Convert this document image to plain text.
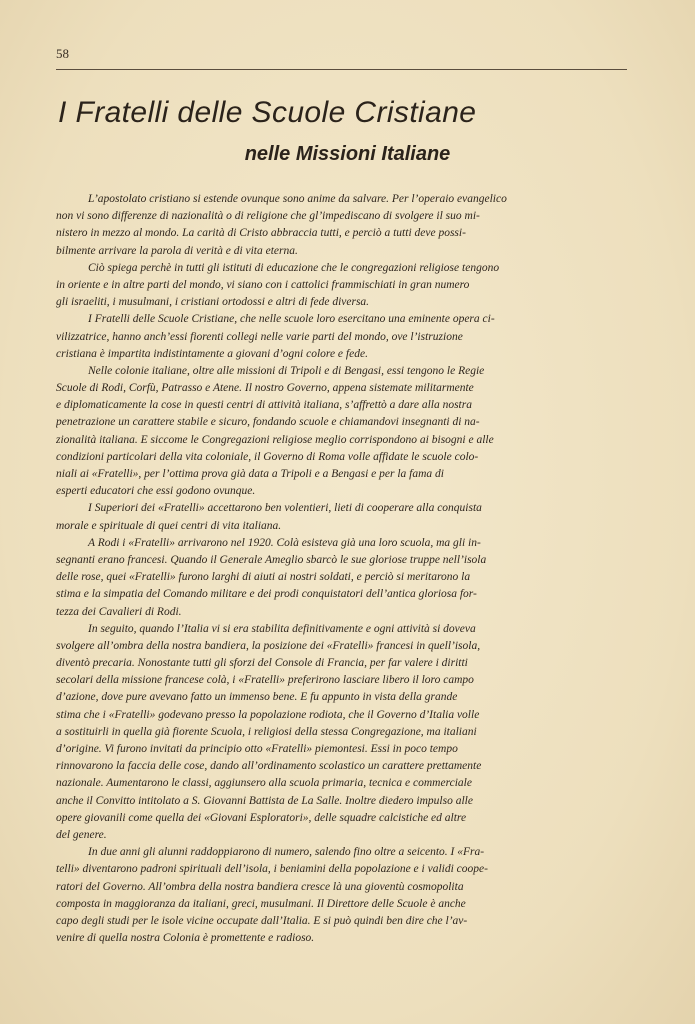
58
I Fratelli delle Scuole Cristiane
nelle Missioni Italiane
L’apostolato cristiano si estende ovunque sono anime da salvare. Per l’operaio evangelico
non vi sono differenze di nazionalità o di religione che gl’impediscano di svolgere il suo mi-
nistero in mezzo al mondo. La carità di Cristo abbraccia tutti, e perciò a tutti deve possi-
bilmente arrivare la parola di verità e di vita eterna.
Ciò spiega perchè in tutti gli istituti di educazione che le congregazioni religiose tengono
in oriente e in altre parti del mondo, vi siano con i cattolici frammischiati in gran numero
gli israeliti, i musulmani, i cristiani ortodossi e altri di fede diversa.
I Fratelli delle Scuole Cristiane, che nelle scuole loro esercitano una eminente opera ci-
vilizzatrice, hanno anch’essi fiorenti collegi nelle varie parti del mondo, ove l’istruzione
cristiana è impartita indistintamente a giovani d’ogni colore e fede.
Nelle colonie italiane, oltre alle missioni di Tripoli e di Bengasi, essi tengono le Regie
Scuole di Rodi, Corfù, Patrasso e Atene. Il nostro Governo, appena sistemate militarmente
e diplomaticamente la cose in questi centri di attività italiana, s’affrettò a dare alla nostra
penetrazione un carattere stabile e sicuro, fondando scuole e chiamandovi insegnanti di na-
zionalità italiana. E siccome le Congregazioni religiose meglio corrispondono ai bisogni e alle
condizioni particolari della vita coloniale, il Governo di Roma volle affidate le scuole colo-
niali ai «Fratelli», per l’ottima prova già data a Tripoli e a Bengasi e per la fama di
esperti educatori che essi godono ovunque.
I Superiori dei «Fratelli» accettarono ben volentieri, lieti di cooperare alla conquista
morale e spirituale di quei centri di vita italiana.
A Rodi i «Fratelli» arrivarono nel 1920. Colà esisteva già una loro scuola, ma gli in-
segnanti erano francesi. Quando il Generale Ameglio sbarcò le sue gloriose truppe nell’isola
delle rose, quei «Fratelli» furono larghi di aiuti ai nostri soldati, e perciò si meritarono la
stima e la simpatia del Comando militare e dei prodi conquistatori dell’antica gloriosa for-
tezza dei Cavalieri di Rodi.
In seguito, quando l’Italia vi si era stabilita definitivamente e ogni attività si doveva
svolgere all’ombra della nostra bandiera, la posizione dei «Fratelli» francesi in quell’isola,
diventò precaria. Nonostante tutti gli sforzi del Console di Francia, per far valere i diritti
secolari della missione francese colà, i «Fratelli» preferirono lasciare libero il loro campo
d’azione, dove pure avevano fatto un immenso bene. E fu appunto in vista della grande
stima che i «Fratelli» godevano presso la popolazione rodiota, che il Governo d’Italia volle
a sostituirli in quella già fiorente Scuola, i religiosi della stessa Congregazione, ma italiani
d’origine. Vi furono invitati da principio otto «Fratelli» piemontesi. Essi in poco tempo
rinnovarono la faccia delle cose, dando all’ordinamento scolastico un carattere prettamente
nazionale. Aumentarono le classi, aggiunsero alla scuola primaria, tecnica e commerciale
anche il Convitto intitolato a S. Giovanni Battista de La Salle. Inoltre diedero impulso alle
opere giovanili come quella dei «Giovani Esploratori», delle squadre calcistiche ed altre
del genere.
In due anni gli alunni raddoppiarono di numero, salendo fino oltre a seicento. I «Fra-
telli» diventarono padroni spirituali dell’isola, i beniamini della popolazione e i validi coope-
ratori del Governo. All’ombra della nostra bandiera cresce là una gioventù cosmopolita
composta in maggioranza da italiani, greci, musulmani. Il Direttore delle Scuole è anche
capo degli studi per le isole vicine occupate dall’Italia. E si può quindi ben dire che l’av-
venire di quella nostra Colonia è promettente e radioso.
